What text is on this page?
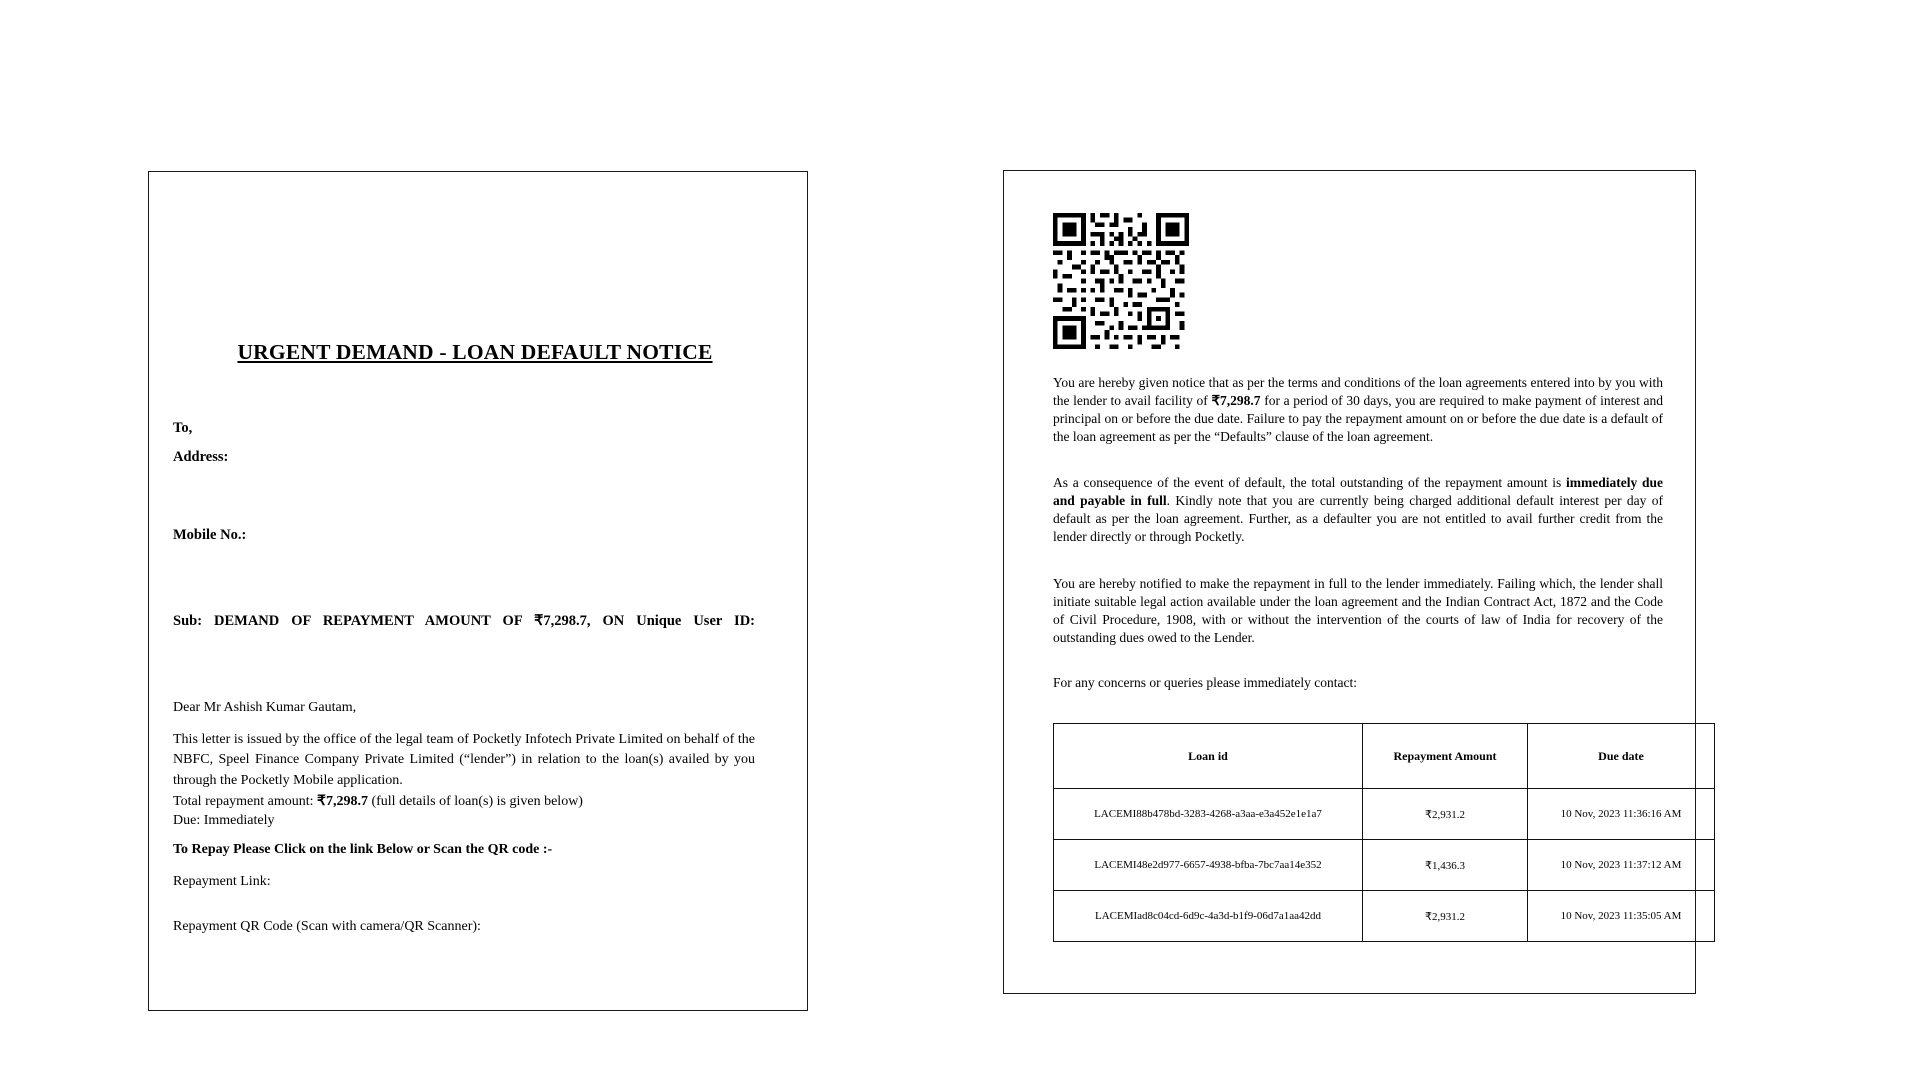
URGENT DEMAND - LOAN DEFAULT NOTICE
To,
Address:
Mobile No.:
Sub: DEMAND OF REPAYMENT AMOUNT OF ₹7,298.7, ON Unique User ID:
Dear Mr Ashish Kumar Gautam,
This letter is issued by the office of the legal team of Pocketly Infotech Private Limited on behalf of the NBFC, Speel Finance Company Private Limited (“lender”) in relation to the loan(s) availed by you through the Pocketly Mobile application.
Total repayment amount: ₹7,298.7 (full details of loan(s) is given below)
Due: Immediately
To Repay Please Click on the link Below or Scan the QR code :-
Repayment Link:
Repayment QR Code (Scan with camera/QR Scanner):
You are hereby given notice that as per the terms and conditions of the loan agreements entered into by you with the lender to avail facility of ₹7,298.7 for a period of 30 days, you are required to make payment of interest and principal on or before the due date. Failure to pay the repayment amount on or before the due date is a default of the loan agreement as per the “Defaults” clause of the loan agreement.
As a consequence of the event of default, the total outstanding of the repayment amount is immediately due and payable in full. Kindly note that you are currently being charged additional default interest per day of default as per the loan agreement. Further, as a defaulter you are not entitled to avail further credit from the lender directly or through Pocketly.
You are hereby notified to make the repayment in full to the lender immediately. Failing which, the lender shall initiate suitable legal action available under the loan agreement and the Indian Contract Act, 1872 and the Code of Civil Procedure, 1908, with or without the intervention of the courts of law of India for recovery of the outstanding dues owed to the Lender.
For any concerns or queries please immediately contact:
Loan id	Repayment Amount	Due date

LACEMI88b478bd-3283-4268-a3aa-e3a452e1e1a7	₹2,931.2	10 Nov, 2023 11:36:16 AM

LACEMI48e2d977-6657-4938-bfba-7bc7aa14e352	₹1,436.3	10 Nov, 2023 11:37:12 AM

LACEMIad8c04cd-6d9c-4a3d-b1f9-06d7a1aa42dd	₹2,931.2	10 Nov, 2023 11:35:05 AM
